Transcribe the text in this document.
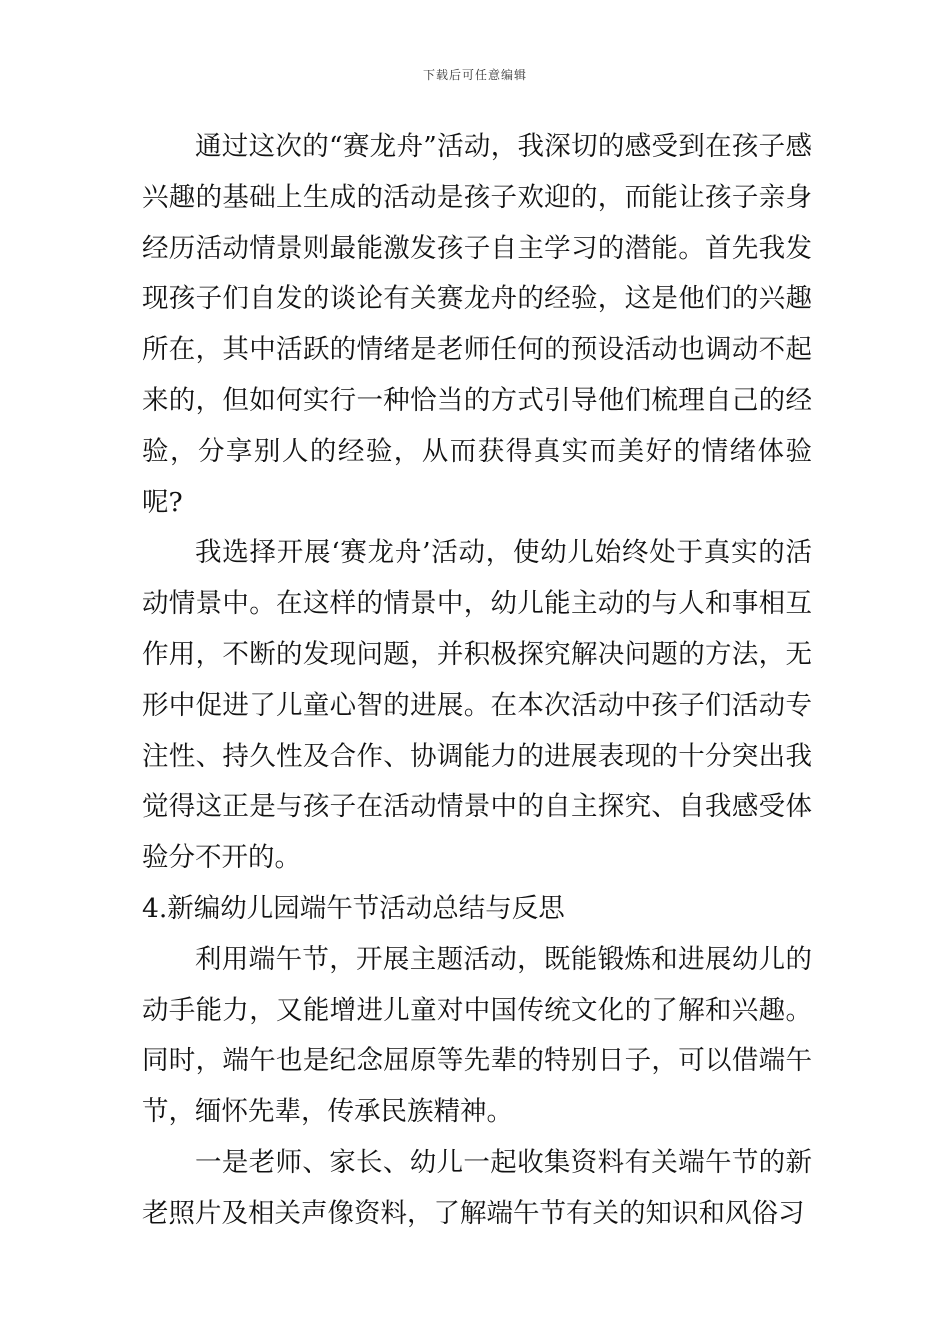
下载后可任意编辑

通过这次的“赛龙舟”活动，我深切的感受到在孩子感兴趣的基础上生成的活动是孩子欢迎的，而能让孩子亲身经历活动情景则最能激发孩子自主学习的潜能。首先我发现孩子们自发的谈论有关赛龙舟的经验，这是他们的兴趣所在，其中活跃的情绪是老师任何的预设活动也调动不起来的，但如何实行一种恰当的方式引导他们梳理自己的经验，分享别人的经验，从而获得真实而美好的情绪体验呢?

我选择开展‘赛龙舟’活动，使幼儿始终处于真实的活动情景中。在这样的情景中，幼儿能主动的与人和事相互作用，不断的发现问题，并积极探究解决问题的方法，无形中促进了儿童心智的进展。在本次活动中孩子们活动专注性、持久性及合作、协调能力的进展表现的十分突出我觉得这正是与孩子在活动情景中的自主探究、自我感受体验分不开的。

4.新编幼儿园端午节活动总结与反思

利用端午节，开展主题活动，既能锻炼和进展幼儿的动手能力，又能增进儿童对中国传统文化的了解和兴趣。同时，端午也是纪念屈原等先辈的特别日子，可以借端午节，缅怀先辈，传承民族精神。

一是老师、家长、幼儿一起收集资料有关端午节的新老照片及相关声像资料，了解端午节有关的知识和风俗习
